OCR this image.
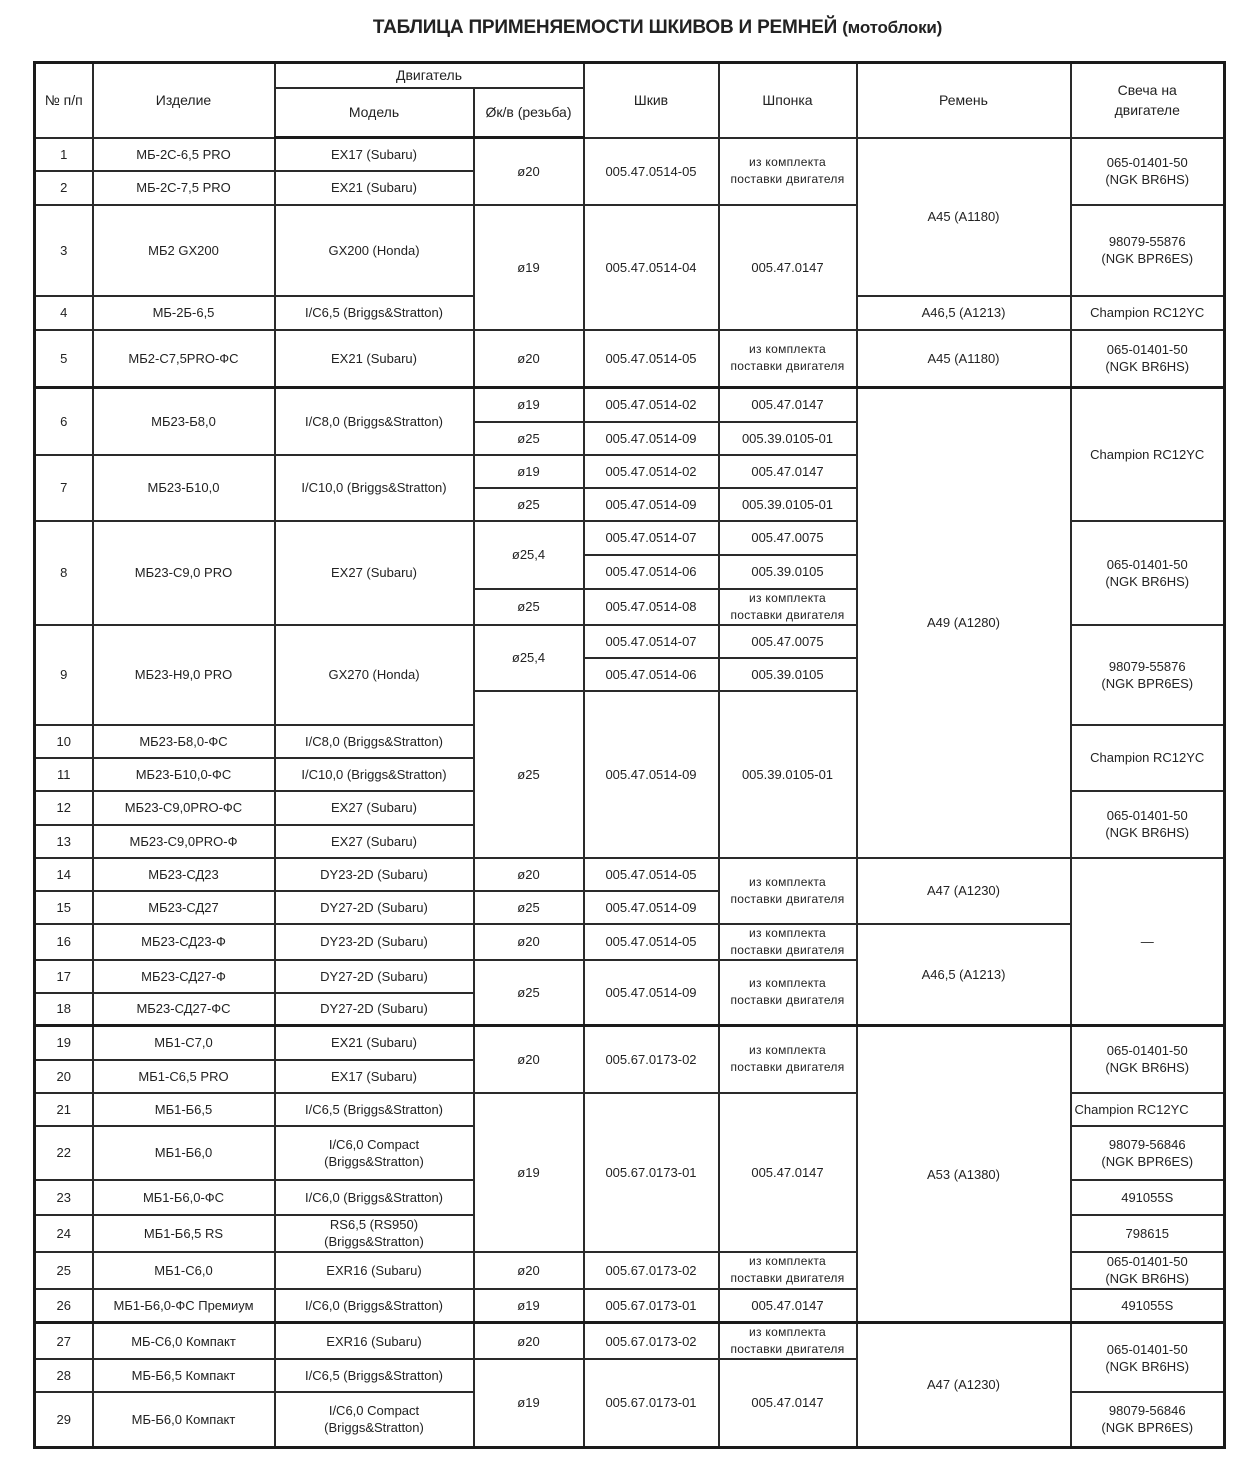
ТАБЛИЦА ПРИМЕНЯЕМОСТИ ШКИВОВ И РЕМНЕЙ (мотоблоки)
№ п/п	Изделие	Двигатель		Шкив	Шпонка	Ремень	Свеча на
двигателе
		Модель	Øк/в (резьба)				
1	МБ-2С-6,5 PRO	EX17 (Subaru)	ø20	005.47.0514-05	из комплекта
поставки двигателя	A45 (A1180)	065-01401-50
(NGK BR6HS)
2	МБ-2С-7,5 PRO	EX21 (Subaru)					
3	МБ2 GX200	GX200 (Honda)	ø19	005.47.0514-04	005.47.0147		98079-55876
(NGK BPR6ES)
4	МБ-2Б-6,5	I/C6,5 (Briggs&Stratton)				A46,5 (A1213)	Champion RC12YC
5	МБ2-С7,5PRO-ФС	EX21 (Subaru)	ø20	005.47.0514-05	из комплекта
поставки двигателя	A45 (A1180)	065-01401-50
(NGK BR6HS)
6	МБ23-Б8,0	I/C8,0 (Briggs&Stratton)	ø19	005.47.0514-02	005.47.0147	A49 (A1280)	Champion RC12YC
			ø25	005.47.0514-09	005.39.0105-01		
7	МБ23-Б10,0	I/C10,0 (Briggs&Stratton)	ø19	005.47.0514-02	005.47.0147		
			ø25	005.47.0514-09	005.39.0105-01		
8	МБ23-С9,0 PRO	EX27 (Subaru)	ø25,4	005.47.0514-07	005.47.0075		065-01401-50
(NGK BR6HS)
				005.47.0514-06	005.39.0105		
			ø25	005.47.0514-08	из комплекта
поставки двигателя		
9	МБ23-Н9,0 PRO	GX270 (Honda)	ø25,4	005.47.0514-07	005.47.0075		98079-55876
(NGK BPR6ES)
				005.47.0514-06	005.39.0105		
			ø25	005.47.0514-09	005.39.0105-01		
10	МБ23-Б8,0-ФС	I/C8,0 (Briggs&Stratton)					Champion RC12YC
11	МБ23-Б10,0-ФС	I/C10,0 (Briggs&Stratton)					
12	МБ23-С9,0PRO-ФС	EX27 (Subaru)					065-01401-50
(NGK BR6HS)
13	МБ23-С9,0PRO-Ф	EX27 (Subaru)					
14	МБ23-СД23	DY23-2D (Subaru)	ø20	005.47.0514-05	из комплекта
поставки двигателя	A47 (A1230)	—
15	МБ23-СД27	DY27-2D (Subaru)	ø25	005.47.0514-09			
16	МБ23-СД23-Ф	DY23-2D (Subaru)	ø20	005.47.0514-05	из комплекта
поставки двигателя	A46,5 (A1213)	
17	МБ23-СД27-Ф	DY27-2D (Subaru)	ø25	005.47.0514-09	из комплекта
поставки двигателя		
18	МБ23-СД27-ФС	DY27-2D (Subaru)					
19	МБ1-С7,0	EX21 (Subaru)	ø20	005.67.0173-02	из комплекта
поставки двигателя	A53 (A1380)	065-01401-50
(NGK BR6HS)
20	МБ1-С6,5 PRO	EX17 (Subaru)					
21	МБ1-Б6,5	I/C6,5 (Briggs&Stratton)	ø19	005.67.0173-01	005.47.0147		Champion RC12YC
22	МБ1-Б6,0	I/C6,0 Compact
(Briggs&Stratton)					98079-56846
(NGK BPR6ES)
23	МБ1-Б6,0-ФС	I/C6,0 (Briggs&Stratton)					491055S
24	МБ1-Б6,5 RS	RS6,5 (RS950)
(Briggs&Stratton)					798615
25	МБ1-С6,0	EXR16 (Subaru)	ø20	005.67.0173-02	из комплекта
поставки двигателя		065-01401-50
(NGK BR6HS)
26	МБ1-Б6,0-ФС Премиум	I/C6,0 (Briggs&Stratton)	ø19	005.67.0173-01	005.47.0147		491055S
27	МБ-С6,0 Компакт	EXR16 (Subaru)	ø20	005.67.0173-02	из комплекта
поставки двигателя	A47 (A1230)	065-01401-50
(NGK BR6HS)
28	МБ-Б6,5 Компакт	I/C6,5 (Briggs&Stratton)	ø19	005.67.0173-01	005.47.0147		
29	МБ-Б6,0 Компакт	I/C6,0 Compact
(Briggs&Stratton)					98079-56846
(NGK BPR6ES)
